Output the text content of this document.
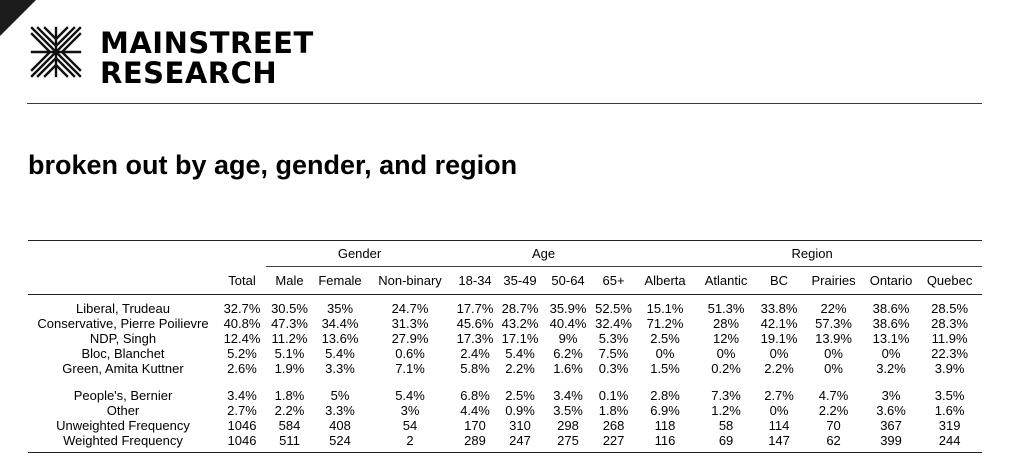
MAINSTREET
RESEARCH
broken out by age, gender, and region
		Gender			Age				Region					
	Total	Male	Female	Non-binary	18-34	35-49	50-64	65+	Alberta	Atlantic	BC	Prairies	Ontario	Quebec
Liberal, Trudeau	32.7%	30.5%	35%	24.7%	17.7%	28.7%	35.9%	52.5%	15.1%	51.3%	33.8%	22%	38.6%	28.5%
Conservative, Pierre Poilievre	40.8%	47.3%	34.4%	31.3%	45.6%	43.2%	40.4%	32.4%	71.2%	28%	42.1%	57.3%	38.6%	28.3%
NDP, Singh	12.4%	11.2%	13.6%	27.9%	17.3%	17.1%	9%	5.3%	2.5%	12%	19.1%	13.9%	13.1%	11.9%
Bloc, Blanchet	5.2%	5.1%	5.4%	0.6%	2.4%	5.4%	6.2%	7.5%	0%	0%	0%	0%	0%	22.3%
Green, Amita Kuttner	2.6%	1.9%	3.3%	7.1%	5.8%	2.2%	1.6%	0.3%	1.5%	0.2%	2.2%	0%	3.2%	3.9%
People's, Bernier	3.4%	1.8%	5%	5.4%	6.8%	2.5%	3.4%	0.1%	2.8%	7.3%	2.7%	4.7%	3%	3.5%
Other	2.7%	2.2%	3.3%	3%	4.4%	0.9%	3.5%	1.8%	6.9%	1.2%	0%	2.2%	3.6%	1.6%
Unweighted Frequency	1046	584	408	54	170	310	298	268	118	58	114	70	367	319
Weighted Frequency	1046	511	524	2	289	247	275	227	116	69	147	62	399	244
